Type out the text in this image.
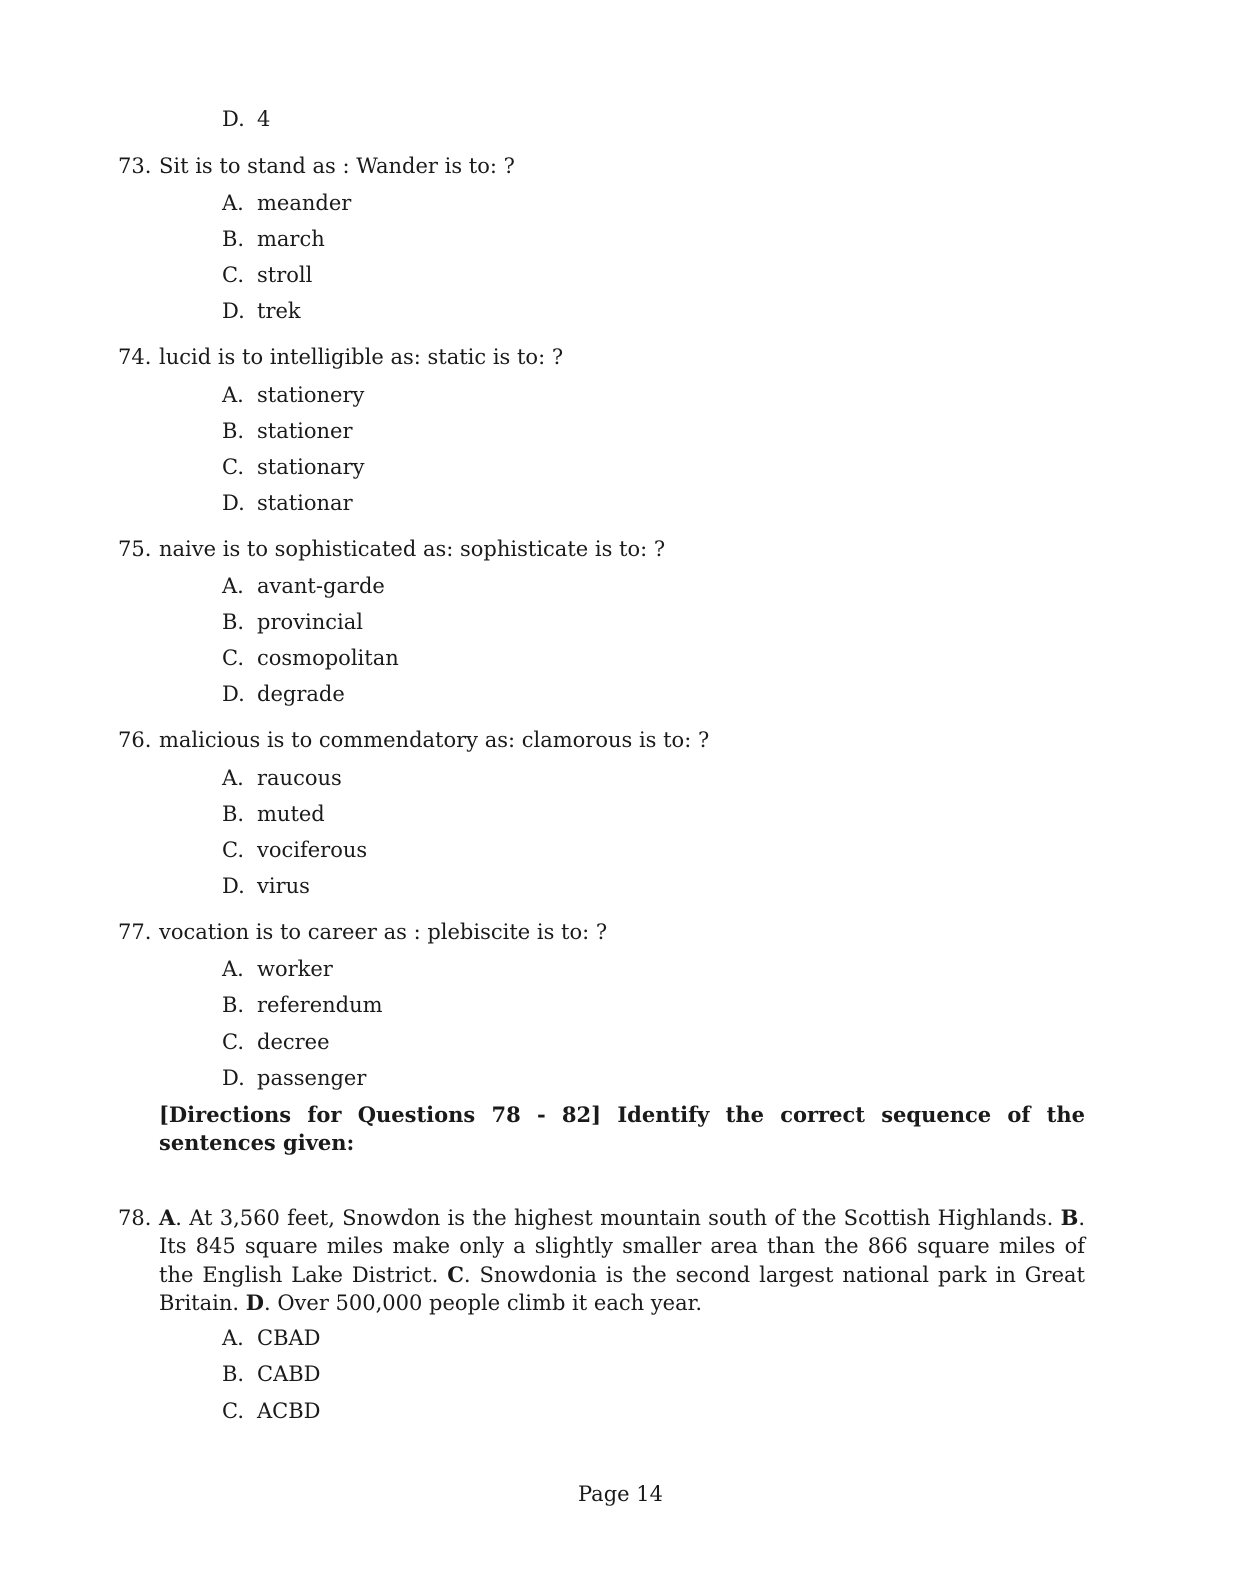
D. 4
73. Sit is to stand as : Wander is to: ?
A. meander
B. march
C. stroll
D. trek
74. lucid is to intelligible as: static is to: ?
A. stationery
B. stationer
C. stationary
D. stationar
75. naive is to sophisticated as: sophisticate is to: ?
A. avant-garde
B. provincial
C. cosmopolitan
D. degrade
76. malicious is to commendatory as: clamorous is to: ?
A. raucous
B. muted
C. vociferous
D. virus
77. vocation is to career as : plebiscite is to: ?
A. worker
B. referendum
C. decree
D. passenger
[Directions for Questions 78 - 82] Identify the correct sequence of the sentences given:
78. A. At 3,560 feet, Snowdon is the highest mountain south of the Scottish Highlands. B. Its 845 square miles make only a slightly smaller area than the 866 square miles of the English Lake District. C. Snowdonia is the second largest national park in Great Britain. D. Over 500,000 people climb it each year.
A. CBAD
B. CABD
C. ACBD
Page 14
